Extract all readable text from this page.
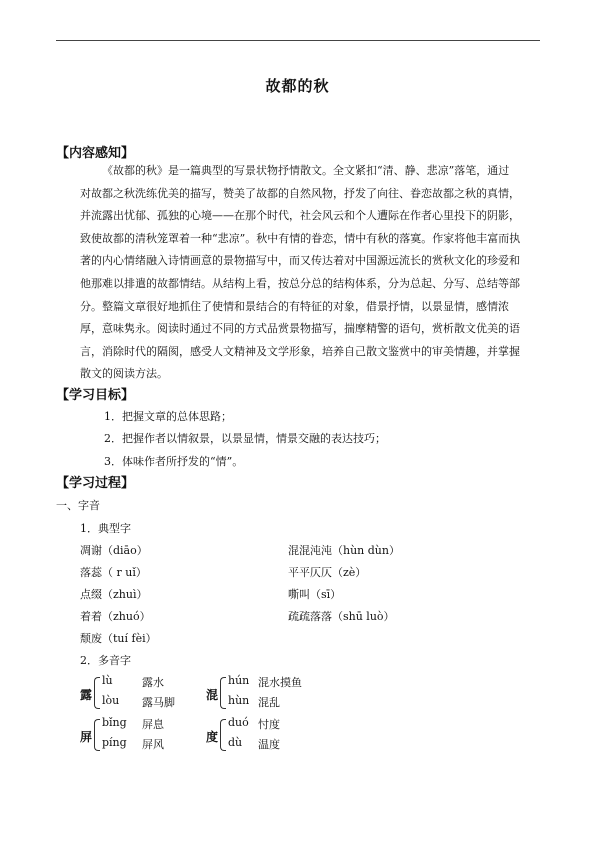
故都的秋
【内容感知】
《故都的秋》是一篇典型的写景状物抒情散文。全文紧扣“清、静、悲凉”落笔，通过
对故都之秋洗练优美的描写，赞美了故都的自然风物，抒发了向往、眷恋故都之秋的真情，
并流露出忧郁、孤独的心境——在那个时代，社会风云和个人遭际在作者心里投下的阴影，
致使故都的清秋笼罩着一种“悲凉”。秋中有情的眷恋，情中有秋的落寞。作家将他丰富而执
著的内心情绪融入诗情画意的景物描写中，而又传达着对中国源远流长的赏秋文化的珍爱和
他那难以排遣的故都情结。从结构上看，按总分总的结构体系，分为总起、分写、总结等部
分。整篇文章很好地抓住了使情和景结合的有特征的对象，借景抒情，以景显情，感情浓
厚，意味隽永。阅读时通过不同的方式品赏景物描写，揣摩精警的语句，赏析散文优美的语
言，消除时代的隔阂，感受人文精神及文学形象，培养自己散文鉴赏中的审美情趣，并掌握
散文的阅读方法。
【学习目标】
1．把握文章的总体思路；
2．把握作者以情叙景，以景显情，情景交融的表达技巧；
3．体味作者所抒发的“情”。
【学习过程】
一、字音
1．典型字
凋谢（diāo）	混混沌沌（hùn dùn）
落蕊（ r uǐ）	平平仄仄（zè）
点缀（zhuì）	嘶叫（sī）
着着（zhuó）	疏疏落落（shū luò）
颓废（tuí fèi）
2．多音字
露
lù	露水
lòu 露马脚
混
hún 混水摸鱼
hùn 混乱
屏
bǐng 屏息
píng 屏风
度
duó 忖度
dù 温度
